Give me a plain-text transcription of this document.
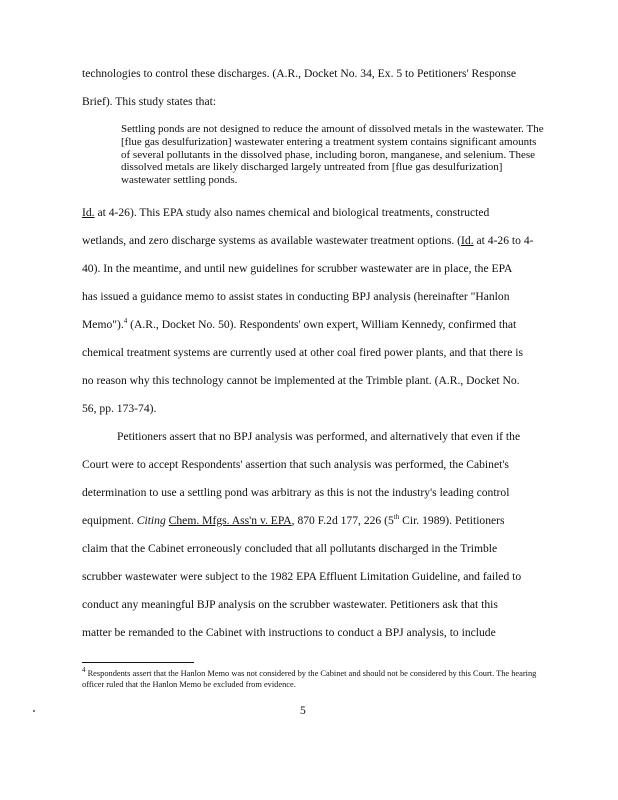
technologies to control these discharges. (A.R., Docket No. 34, Ex. 5 to Petitioners' Response
Brief). This study states that:

Settling ponds are not designed to reduce the amount of dissolved metals in the wastewater. The [flue gas desulfurization] wastewater entering a treatment system contains significant amounts of several pollutants in the dissolved phase, including boron, manganese, and selenium. These dissolved metals are likely discharged largely untreated from [flue gas desulfurization] wastewater settling ponds.

Id. at 4-26). This EPA study also names chemical and biological treatments, constructed
wetlands, and zero discharge systems as available wastewater treatment options. (Id. at 4-26 to 4-
40). In the meantime, and until new guidelines for scrubber wastewater are in place, the EPA
has issued a guidance memo to assist states in conducting BPJ analysis (hereinafter "Hanlon
Memo").$^4$ (A.R., Docket No. 50). Respondents' own expert, William Kennedy, confirmed that
chemical treatment systems are currently used at other coal fired power plants, and that there is
no reason why this technology cannot be implemented at the Trimble plant. (A.R., Docket No.
56, pp. 173-74).
Petitioners assert that no BPJ analysis was performed, and alternatively that even if the
Court were to accept Respondents' assertion that such analysis was performed, the Cabinet's
determination to use a settling pond was arbitrary as this is not the industry's leading control
equipment. Citing Chem. Mfgs. Ass'n v. EPA, 870 F.2d 177, 226 (5th Cir. 1989). Petitioners
claim that the Cabinet erroneously concluded that all pollutants discharged in the Trimble
scrubber wastewater were subject to the 1982 EPA Effluent Limitation Guideline, and failed to
conduct any meaningful BJP analysis on the scrubber wastewater. Petitioners ask that this
matter be remanded to the Cabinet with instructions to conduct a BPJ analysis, to include
$^4$ Respondents assert that the Hanlon Memo was not considered by the Cabinet and should not be considered by this Court. The hearing officer ruled that the Hanlon Memo be excluded from evidence.
5
